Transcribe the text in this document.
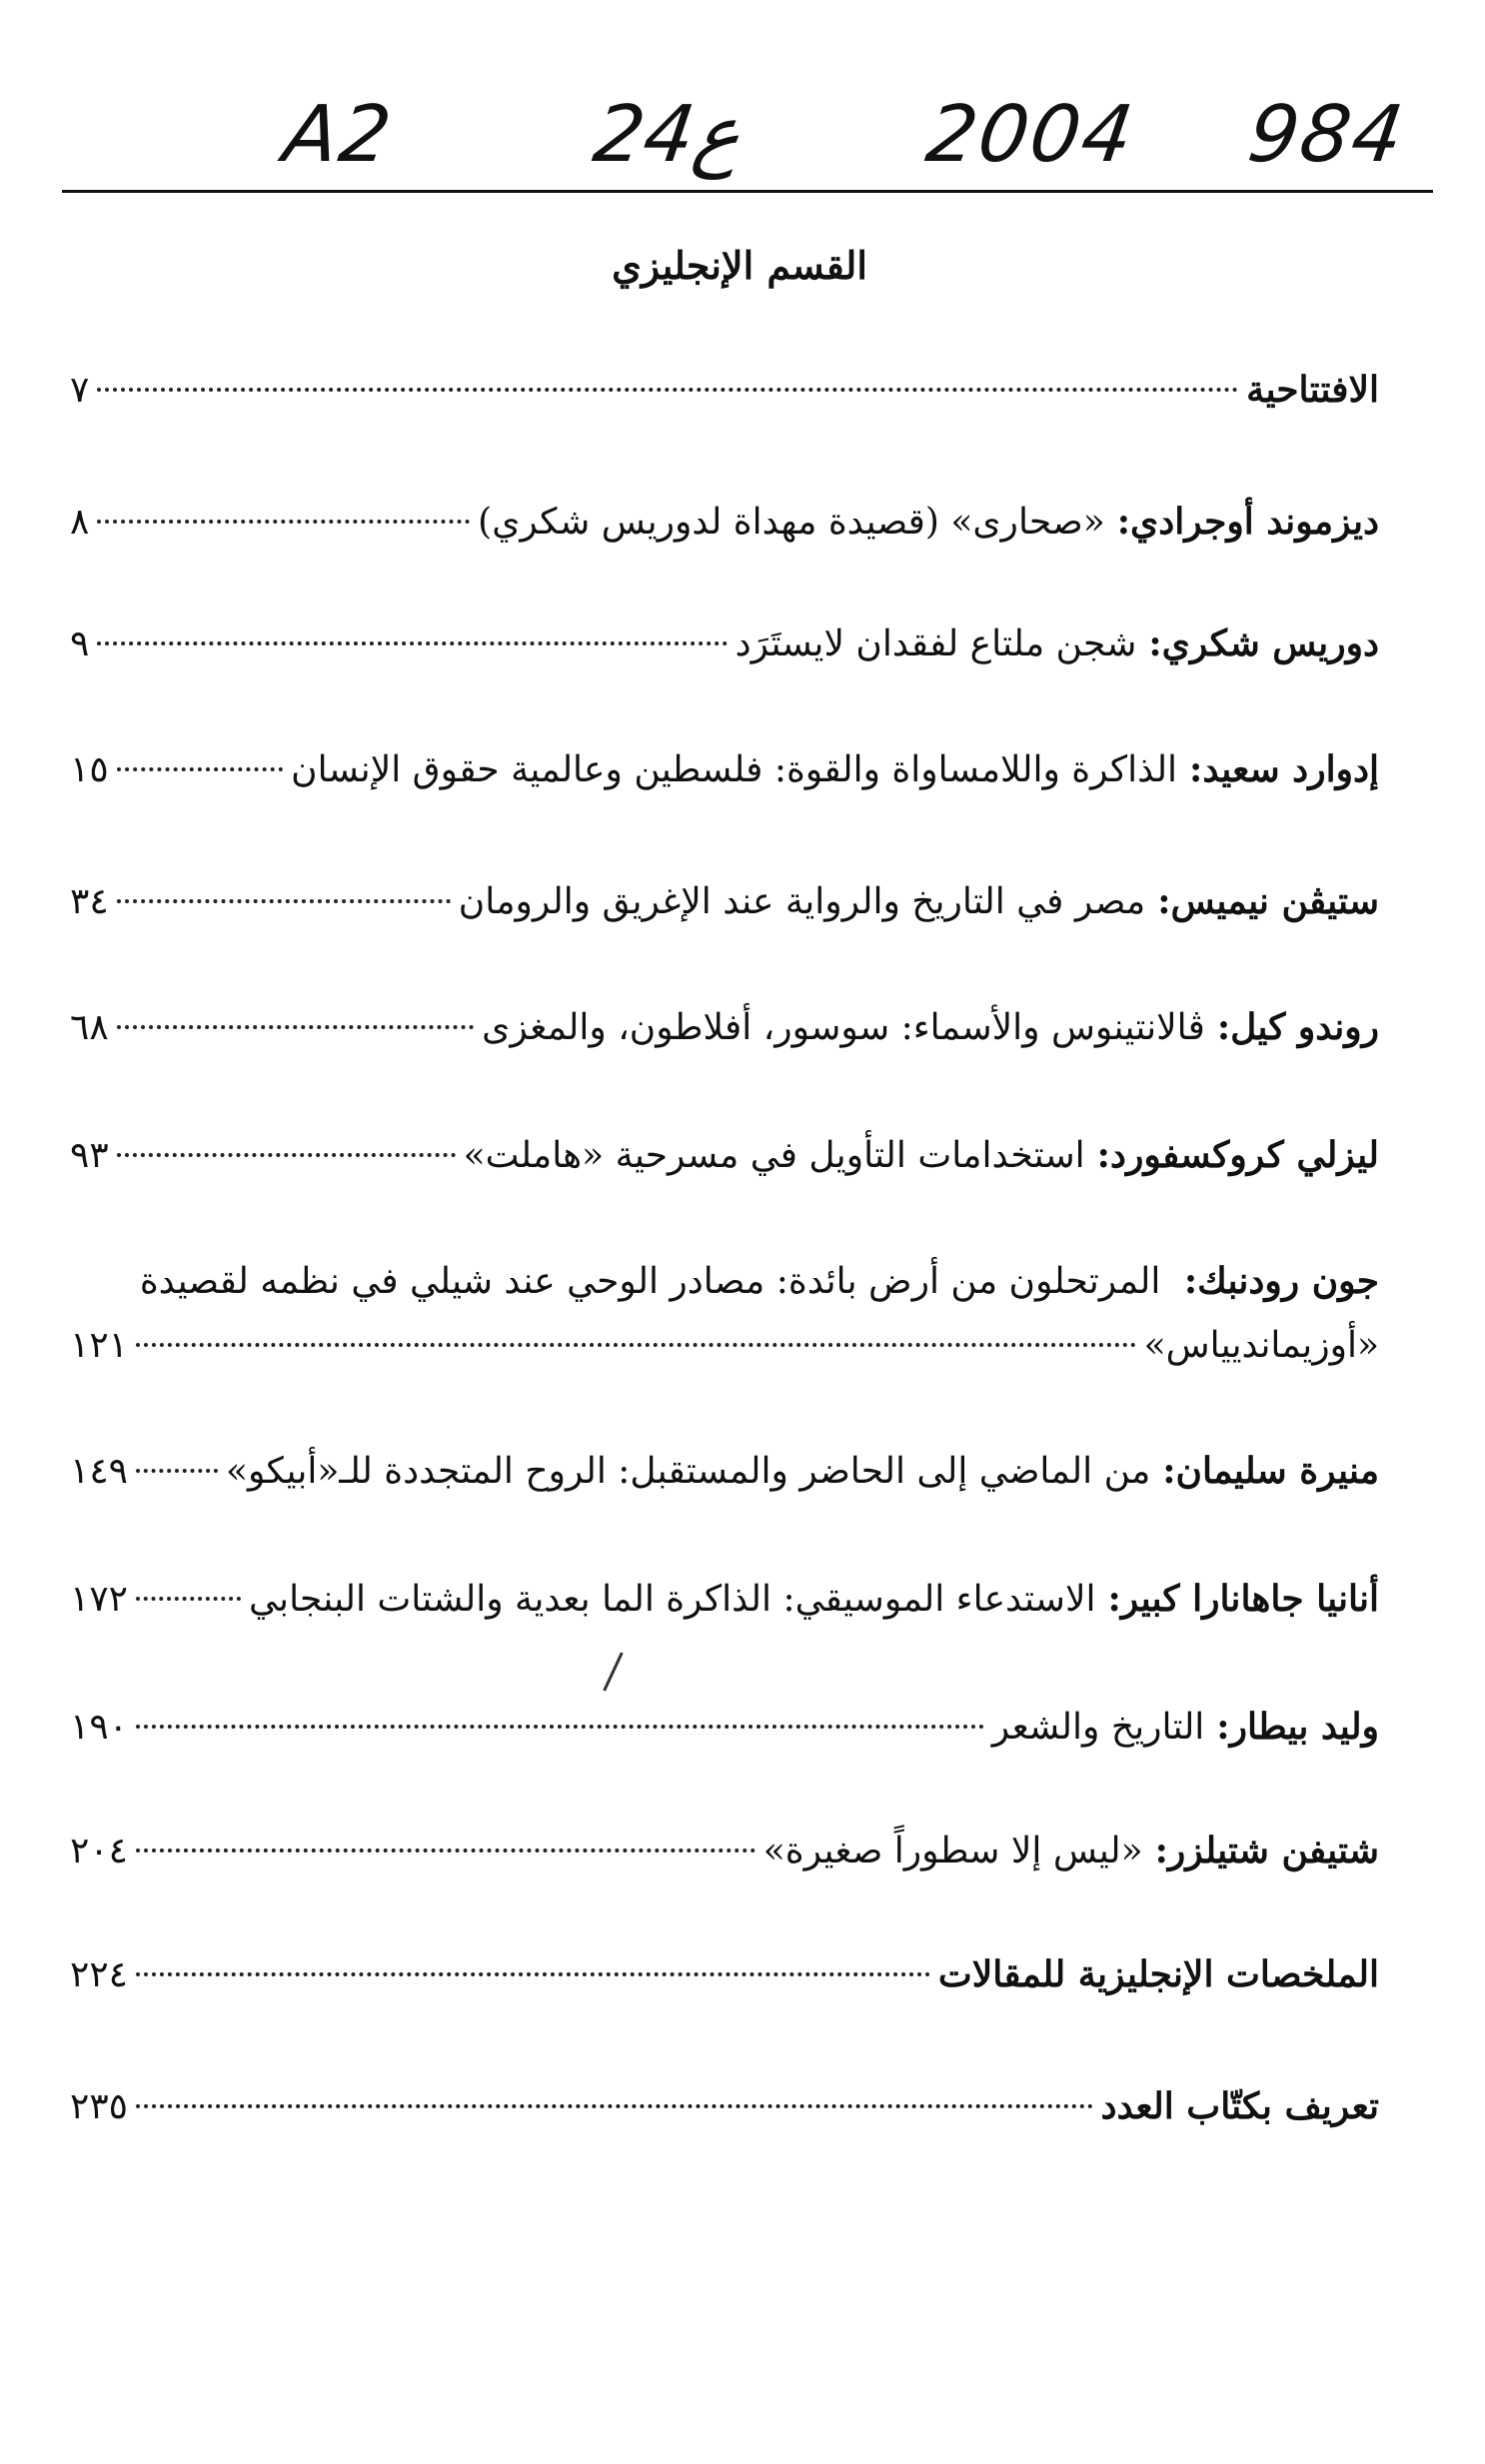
A2 24ع 2004 984
القسم الإنجليزي
الافتتاحية
٧
ديزموند أوجرادي:
«صحارى» (قصيدة مهداة لدوريس شكري)
٨
دوريس شكري:
شجن ملتاع لفقدان لايستَرَد
٩
إدوارد سعيد:
الذاكرة واللامساواة والقوة: فلسطين وعالمية حقوق الإنسان
١٥
ستيڤن نيميس:
مصر في التاريخ والرواية عند الإغريق والرومان
٣٤
روندو كيل:
ڤالانتينوس والأسماء: سوسور، أفلاطون، والمغزى
٦٨
ليزلي كروكسفورد:
استخدامات التأويل في مسرحية «هاملت»
٩٣
جون رودنبك: المرتحلون من أرض بائدة: مصادر الوحي عند شيلي في نظمه لقصيدة
«أوزيمانديياس»
١٢١
منيرة سليمان:
من الماضي إلى الحاضر والمستقبل: الروح المتجددة للـ«أبيكو»
١٤٩
أنانيا جاهانارا كبير:
الاستدعاء الموسيقي: الذاكرة الما بعدية والشتات البنجابي
١٧٢
وليد بيطار:
التاريخ والشعر
١٩٠
شتيفن شتيلزر:
«ليس إلا سطوراً صغيرة»
٢٠٤
الملخصات الإنجليزية للمقالات
٢٢٤
تعريف بكتّاب العدد
٢٣٥
